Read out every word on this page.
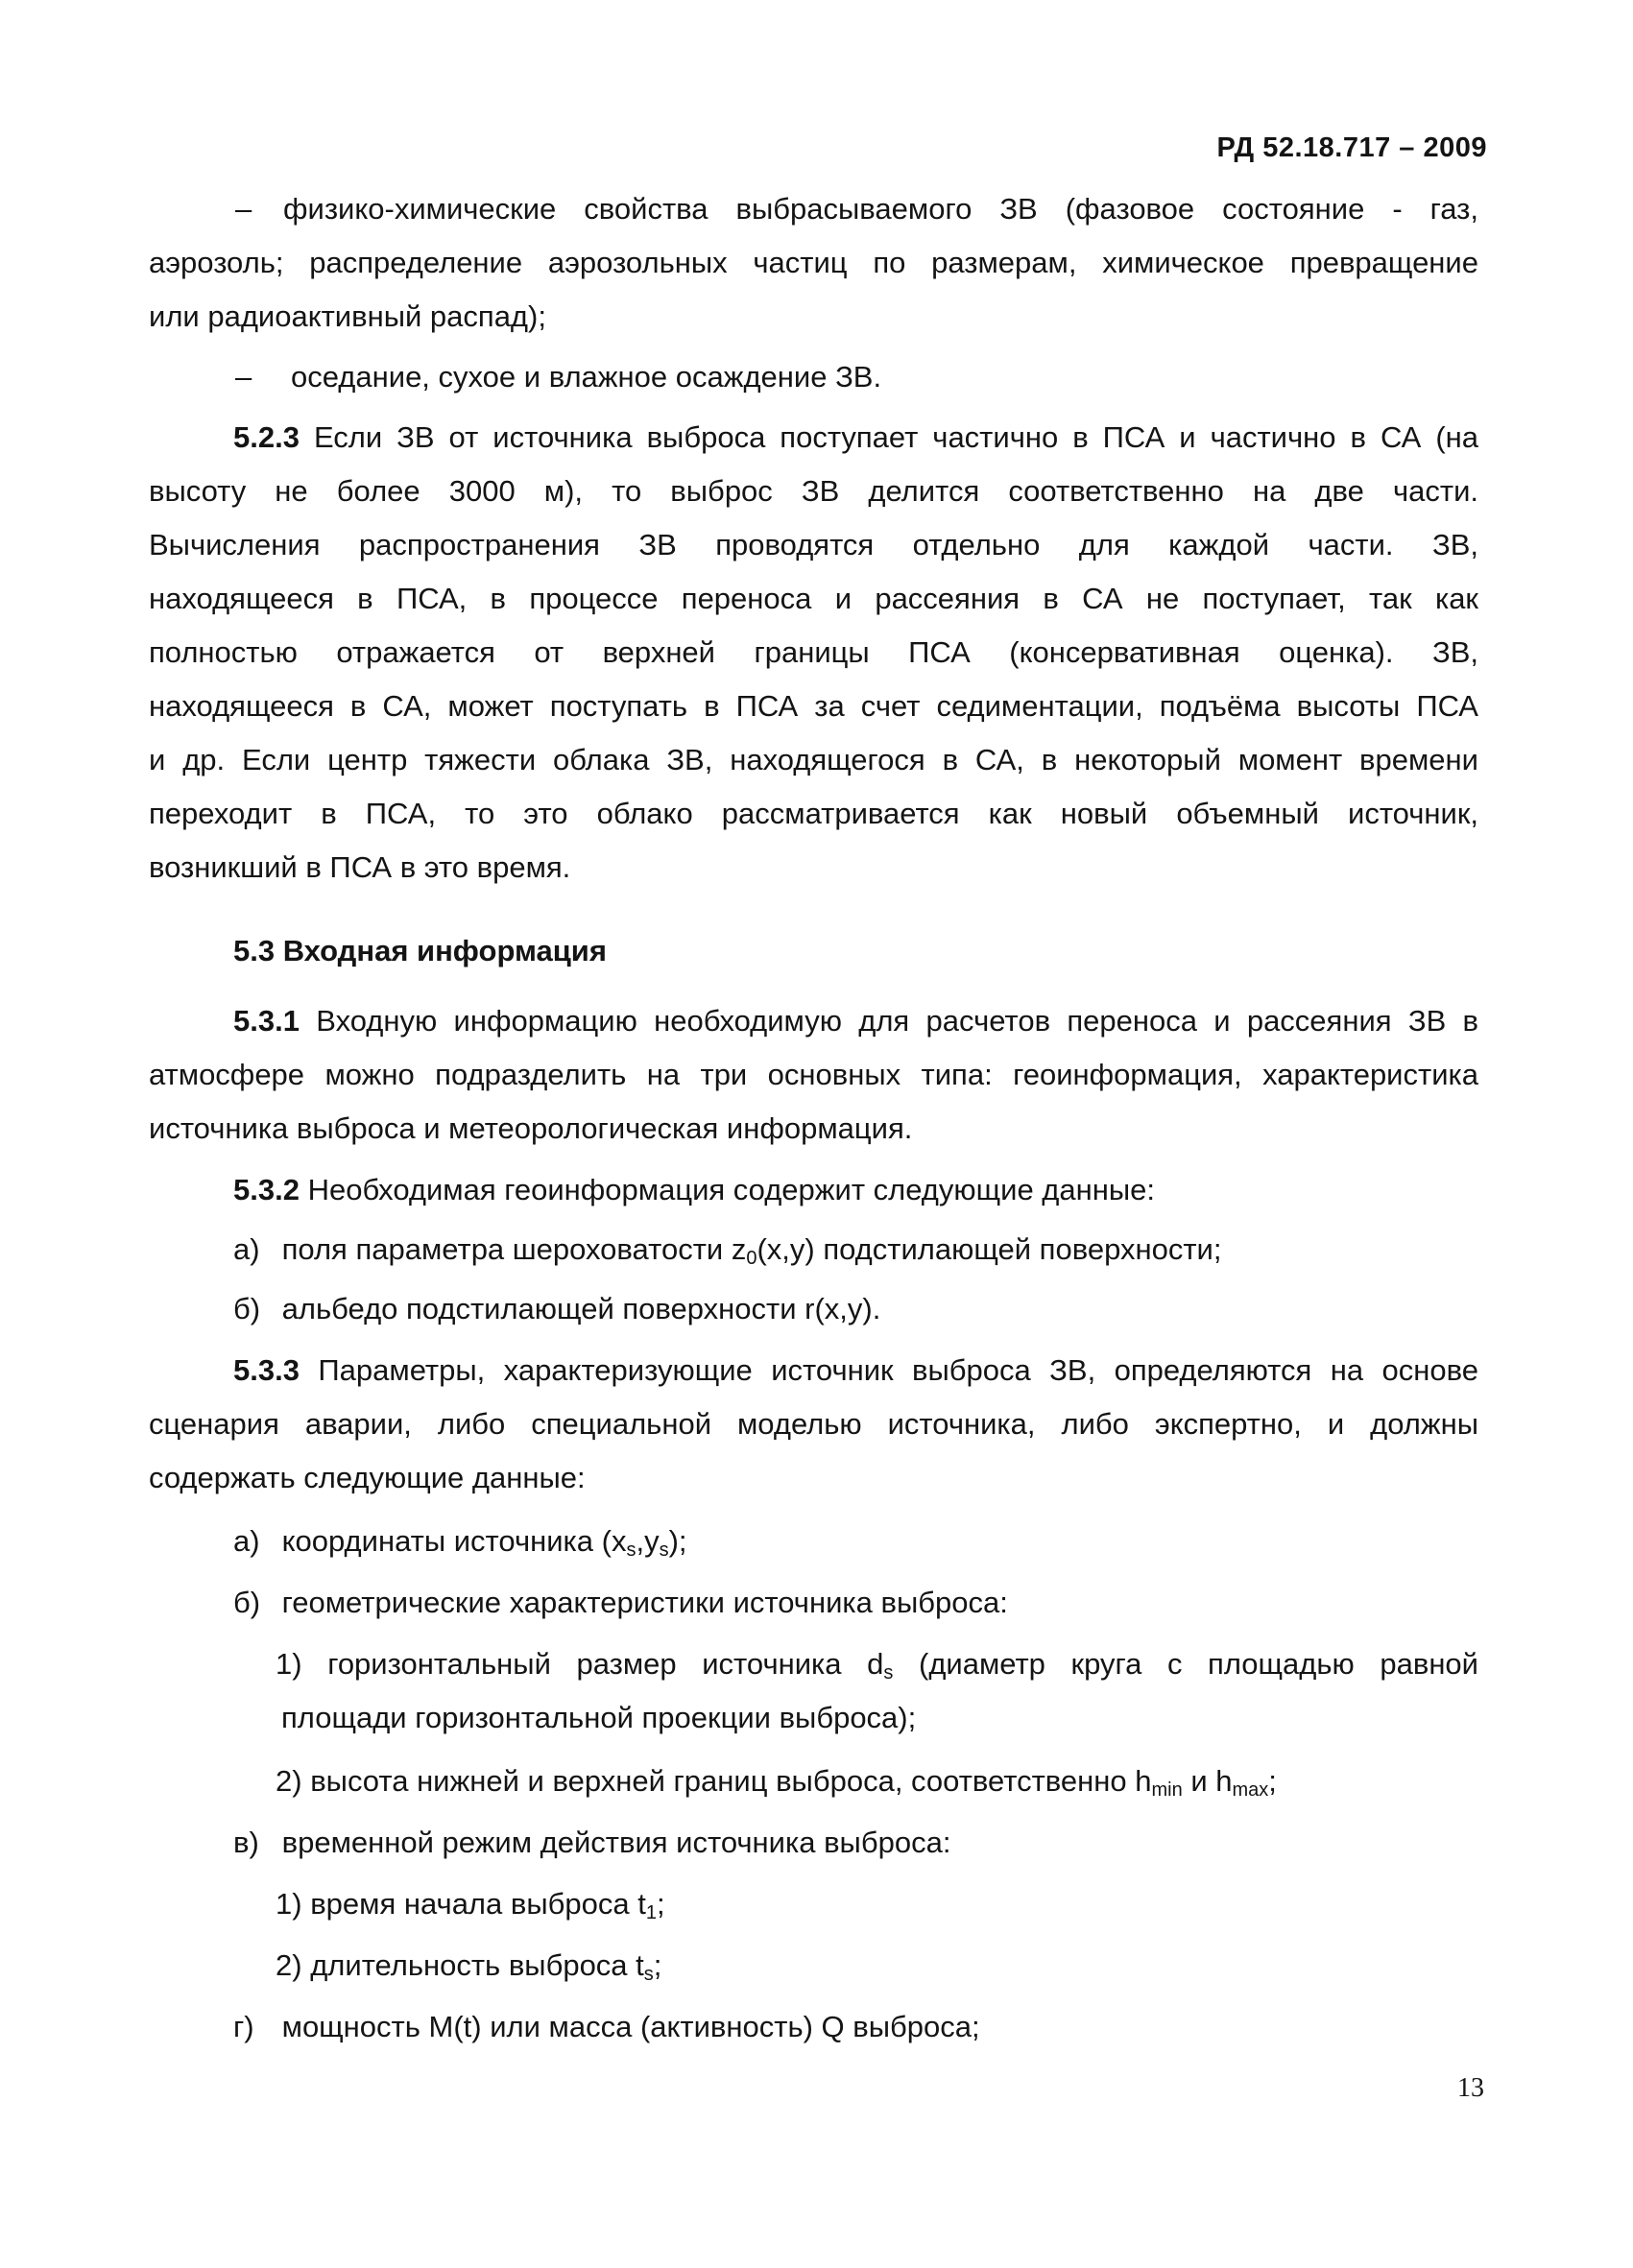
РД 52.18.717 – 2009
– физико-химические свойства выбрасываемого ЗВ (фазовое состояние - газ,
аэрозоль; распределение аэрозольных частиц по размерам, химическое превращение
или радиоактивный распад);
– оседание, сухое и влажное осаждение ЗВ.
5.2.3 Если ЗВ от источника выброса поступает частично в ПСА и частично в СА (на
высоту не более 3000 м), то выброс ЗВ делится соответственно на две части.
Вычисления распространения ЗВ проводятся отдельно для каждой части. ЗВ,
находящееся в ПСА, в процессе переноса и рассеяния в СА не поступает, так как
полностью отражается от верхней границы ПСА (консервативная оценка). ЗВ,
находящееся в СА, может поступать в ПСА за счет седиментации, подъёма высоты ПСА
и др. Если центр тяжести облака ЗВ, находящегося в СА, в некоторый момент времени
переходит в ПСА, то это облако рассматривается как новый объемный источник,
возникший в ПСА в это время.
5.3 Входная информация
5.3.1 Входную информацию необходимую для расчетов переноса и рассеяния ЗВ в
атмосфере можно подразделить на три основных типа: геоинформация, характеристика
источника выброса и метеорологическая информация.
5.3.2 Необходимая геоинформация содержит следующие данные:
а) поля параметра шероховатости $z_0(x,y)$ подстилающей поверхности;
б) альбедо подстилающей поверхности r(x,y).
5.3.3 Параметры, характеризующие источник выброса ЗВ, определяются на основе
сценария аварии, либо специальной моделью источника, либо экспертно, и должны
содержать следующие данные:
а) координаты источника $(x_s,y_s)$;
б) геометрические характеристики источника выброса:
1) горизонтальный размер источника $d_s$ (диаметр круга с площадью равной
площади горизонтальной проекции выброса);
2) высота нижней и верхней границ выброса, соответственно $h_{min}$ и $h_{max}$;
в) временной режим действия источника выброса:
1) время начала выброса $t_1$;
2) длительность выброса $t_s$;
г) мощность M(t) или масса (активность) Q выброса;
13
